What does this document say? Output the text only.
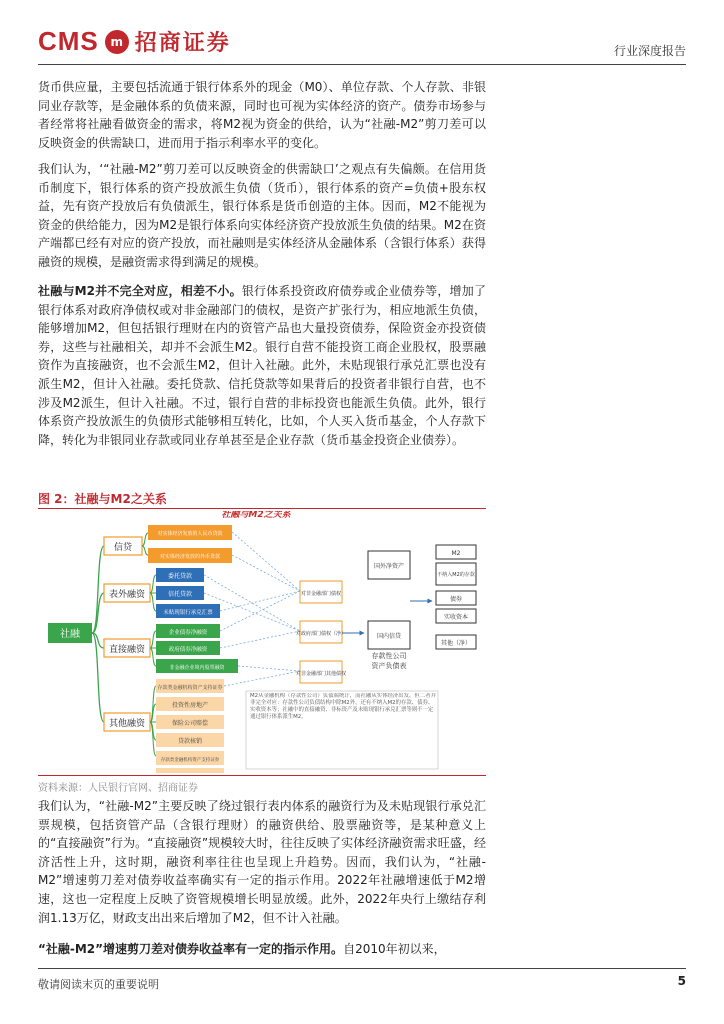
CMS m 招商证券	行业深度报告

货币供应量，主要包括流通于银行体系外的现金（M0）、单位存款、个人存款、非银同业存款等，是金融体系的负债来源，同时也可视为实体经济的资产。债券市场参与者经常将社融看做资金的需求，将M2视为资金的供给，认为“社融-M2”剪刀差可以反映资金的供需缺口，进而用于指示利率水平的变化。

我们认为，‘“社融-M2”剪刀差可以反映资金的供需缺口’之观点有失偏颇。在信用货币制度下，银行体系的资产投放派生负债（货币），银行体系的资产=负债+股东权益，先有资产投放后有负债派生，银行体系是货币创造的主体。因而，M2不能视为资金的供给能力，因为M2是银行体系向实体经济资产投放派生负债的结果。M2在资产端都已经有对应的资产投放，而社融则是实体经济从金融体系（含银行体系）获得融资的规模，是融资需求得到满足的规模。

社融与M2并不完全对应，相差不小。银行体系投资政府债券或企业债券等，增加了银行体系对政府净债权或对非金融部门的债权，是资产扩张行为，相应地派生负债，能够增加M2，但包括银行理财在内的资管产品也大量投资债券，保险资金亦投资债券，这些与社融相关，却并不会派生M2。银行自营不能投资工商企业股权，股票融资作为直接融资，也不会派生M2，但计入社融。此外，未贴现银行承兑汇票也没有派生M2，但计入社融。委托贷款、信托贷款等如果背后的投资者非银行自营，也不涉及M2派生，但计入社融。不过，银行自营的非标投资也能派生负债。此外，银行体系资产投放派生的负债形式能够相互转化，比如，个人买入货币基金，个人存款下降，转化为非银同业存款或同业存单甚至是企业存款（货币基金投资企业债券）。

图 2：社融与M2之关系
社融与M2之关系
社融
信贷
表外融资
直接融资
其他融资
对实体经济发放的人民币贷款
对实体经济发放的外币贷款
委托贷款
信托贷款
未贴现银行承兑汇票
企业债券净融资
政府债券净融资
非金融企业境内股票融资
存款类金融机构资产支持证券
投资性房地产
保险公司赔偿
贷款核销
存款类金融机构资产支持证券
对非金融部门债权
对政府部门债权（净）
对非金融部门其他债权
国外净资产
国内信贷
存款性公司
资产负债表
M2
不纳入M2的存款
债券
实收资本
其他（净）
M2从金融机构（存款性公司）负债端统计，而社融从实体经济出发，但二者并非完全对应：存款性公司负债结构中除M2外，还有不纳入M2的存款、债券、实收资本等；社融中的直接融资、非标资产及未贴现银行承兑汇票等则不一定通过银行体系派生M2。
资料来源：人民银行官网、招商证券

我们认为，“社融-M2”主要反映了绕过银行表内体系的融资行为及未贴现银行承兑汇票规模，包括资管产品（含银行理财）的融资供给、股票融资等，是某种意义上的“直接融资”行为。“直接融资”规模较大时，往往反映了实体经济融资需求旺盛，经济活性上升，这时期，融资利率往往也呈现上升趋势。因而，我们认为，“社融-M2”增速剪刀差对债券收益率确实有一定的指示作用。2022年社融增速低于M2增速，这也一定程度上反映了资管规模增长明显放缓。此外，2022年央行上缴结存利润1.13万亿，财政支出出来后增加了M2，但不计入社融。

“社融-M2”增速剪刀差对债券收益率有一定的指示作用。自2010年初以来，

敬请阅读末页的重要说明	5
